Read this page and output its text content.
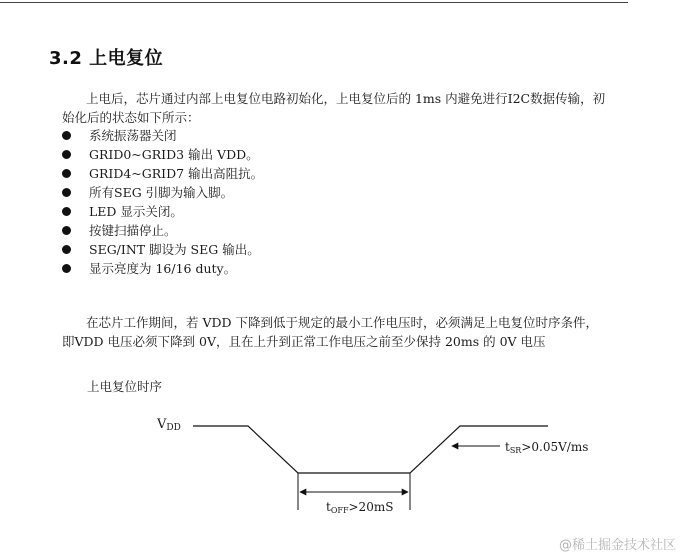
3.2 上电复位

上电后，芯片通过内部上电复位电路初始化，上电复位后的 1ms 内避免进行I2C数据传输，初始化后的状态如下所示：

系统振荡器关闭
GRID0~GRID3 输出 VDD。
GRID4~GRID7 输出高阻抗。
所有SEG 引脚为输入脚。
LED 显示关闭。
按键扫描停止。
SEG/INT 脚设为 SEG 输出。
显示亮度为 16/16 duty。

在芯片工作期间，若 VDD 下降到低于规定的最小工作电压时，必须满足上电复位时序条件，即VDD 电压必须下降到 0V，且在上升到正常工作电压之前至少保持 20ms 的 0V 电压

上电复位时序

VDD
tSR>0.05V/ms
tOFF>20mS

@稀土掘金技术社区
